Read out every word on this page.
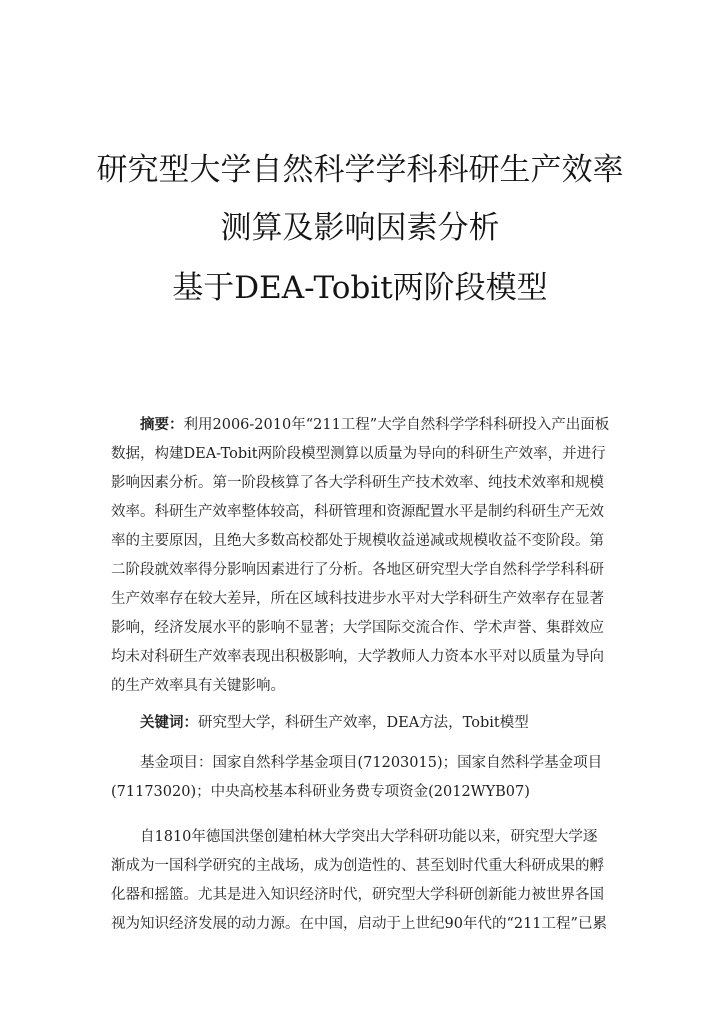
研究型大学自然科学学科科研生产效率
测算及影响因素分析
基于DEA-Tobit两阶段模型

摘要：利用2006-2010年“211工程”大学自然科学学科科研投入产出面板数据，构建DEA-Tobit两阶段模型测算以质量为导向的科研生产效率，并进行影响因素分析。第一阶段核算了各大学科研生产技术效率、纯技术效率和规模效率。科研生产效率整体较高，科研管理和资源配置水平是制约科研生产无效率的主要原因，且绝大多数高校都处于规模收益递减或规模收益不变阶段。第二阶段就效率得分影响因素进行了分析。各地区研究型大学自然科学学科科研生产效率存在较大差异，所在区域科技进步水平对大学科研生产效率存在显著影响，经济发展水平的影响不显著；大学国际交流合作、学术声誉、集群效应均未对科研生产效率表现出积极影响，大学教师人力资本水平对以质量为导向的生产效率具有关键影响。

关键词：研究型大学，科研生产效率，DEA方法，Tobit模型

基金项目：国家自然科学基金项目(71203015)；国家自然科学基金项目(71173020)；中央高校基本科研业务费专项资金(2012WYB07)

自1810年德国洪堡创建柏林大学突出大学科研功能以来，研究型大学逐渐成为一国科学研究的主战场，成为创造性的、甚至划时代重大科研成果的孵化器和摇篮。尤其是进入知识经济时代，研究型大学科研创新能力被世界各国视为知识经济发展的动力源。在中国，启动于上世纪90年代的“211工程”已累
